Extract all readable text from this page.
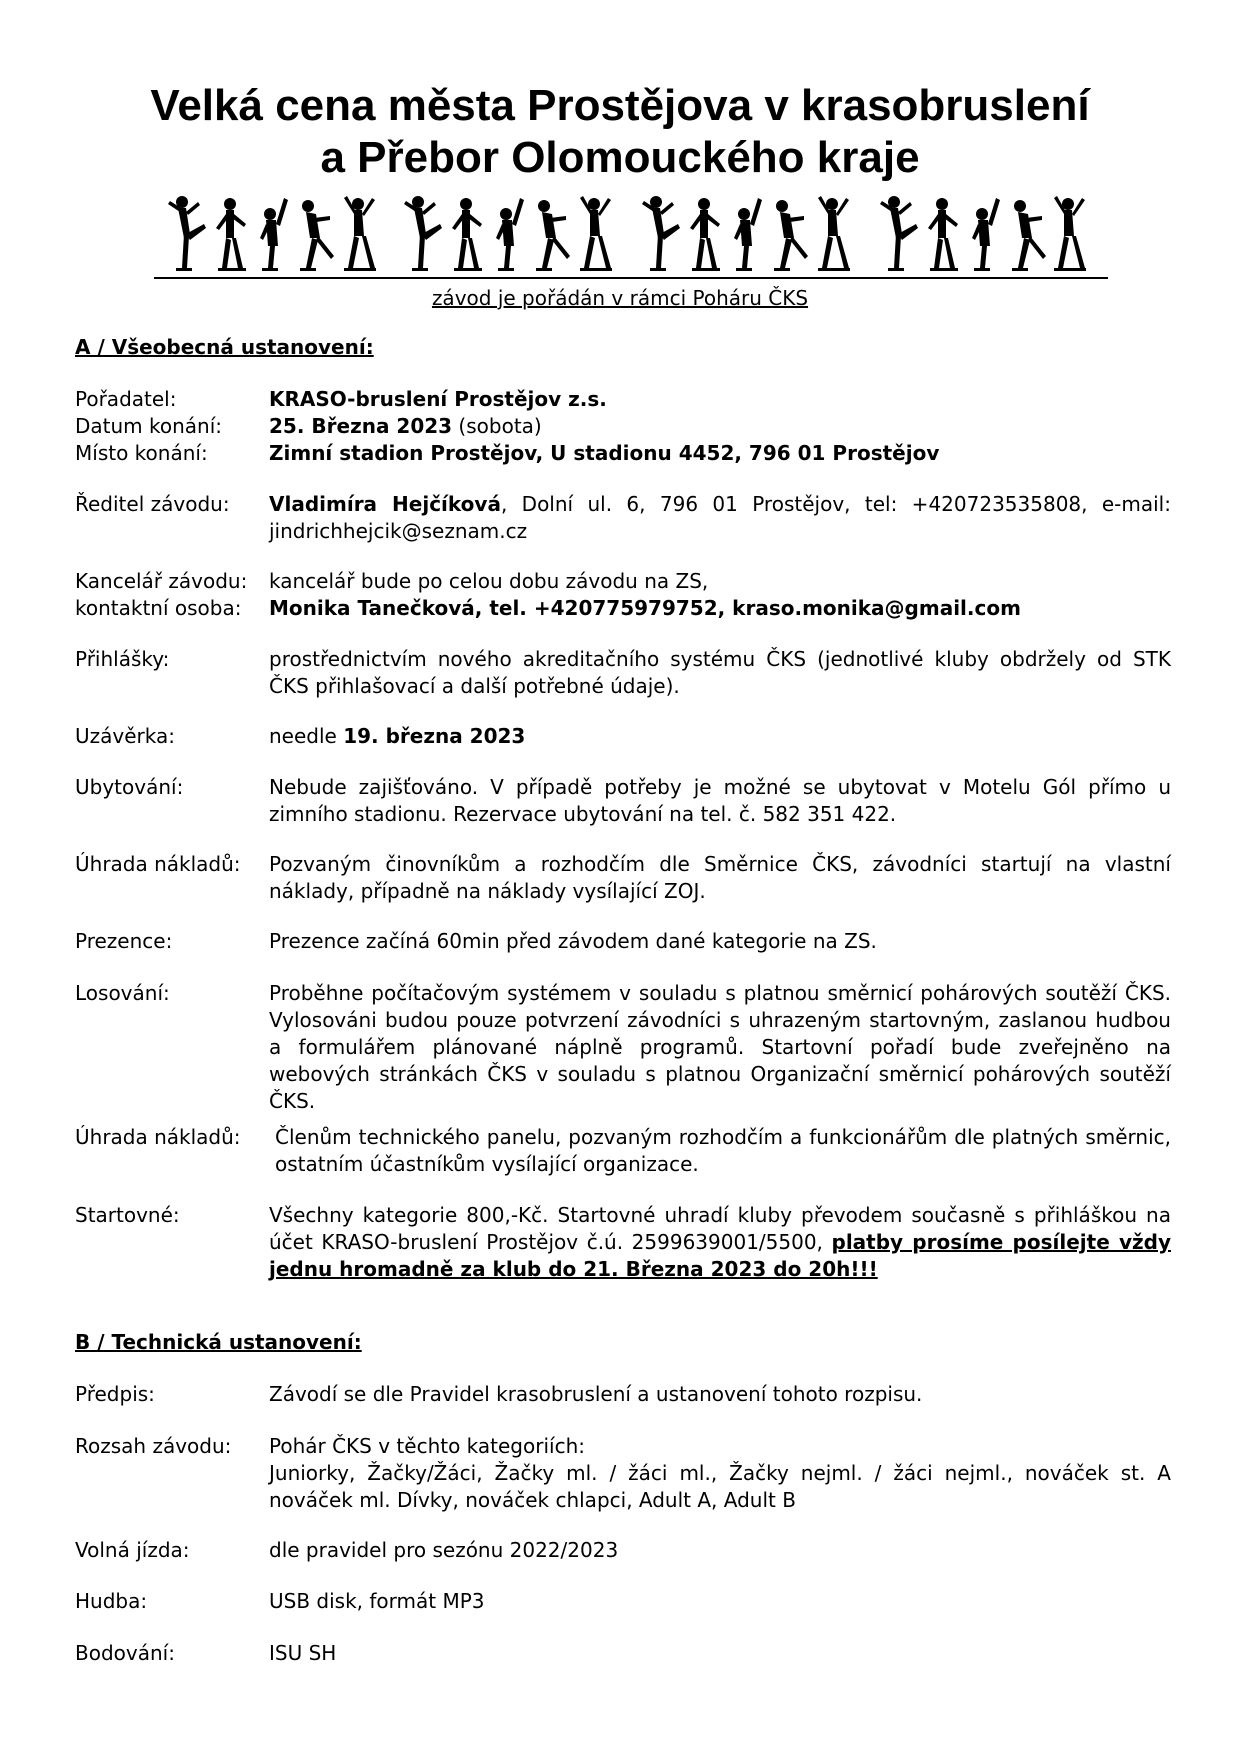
Velká cena města Prostějova v krasobruslení
a Přebor Olomouckého kraje
závod je pořádán v rámci Poháru ČKS
A / Všeobecná ustanovení:
Pořadatel:	KRASO-bruslení Prostějov z.s.
Datum konání: 25. Března 2023 (sobota)
Místo konání:	Zimní stadion Prostějov, U stadionu 4452, 796 01 Prostějov
Ředitel závodu: Vladimíra Hejčíková, Dolní ul. 6, 796 01 Prostějov, tel: +420723535808, e-mail: jindrichhejcik@seznam.cz
Kancelář závodu: kancelář bude po celou dobu závodu na ZS,
kontaktní osoba: Monika Tanečková, tel. +420775979752, kraso.monika@gmail.com
Přihlášky:	prostřednictvím nového akreditačního systému ČKS (jednotlivé kluby obdržely od STK ČKS přihlašovací a další potřebné údaje).
Uzávěrka:	needle 19. března 2023
Ubytování:	Nebude zajišťováno. V případě potřeby je možné se ubytovat v Motelu Gól přímo u zimního stadionu. Rezervace ubytování na tel. č. 582 351 422.
Úhrada nákladů: Pozvaným činovníkům a rozhodčím dle Směrnice ČKS, závodníci startují na vlastní náklady, případně na náklady vysílající ZOJ.
Prezence:	Prezence začíná 60min před závodem dané kategorie na ZS.
Losování:	Proběhne počítačovým systémem v souladu s platnou směrnicí pohárových soutěží ČKS. Vylosováni budou pouze potvrzení závodníci s uhrazeným startovným, zaslanou hudbou a formulářem plánované náplně programů. Startovní pořadí bude zveřejněno na webových stránkách ČKS v souladu s platnou Organizační směrnicí pohárových soutěží ČKS.
Úhrada nákladů: Členům technického panelu, pozvaným rozhodčím a funkcionářům dle platných směrnic, ostatním účastníkům vysílající organizace.
Startovné:	Všechny kategorie 800,-Kč. Startovné uhradí kluby převodem současně s přihláškou na účet KRASO-bruslení Prostějov č.ú. 2599639001/5500, platby prosíme posílejte vždy jednu hromadně za klub do 21. Března 2023 do 20h!!!
B / Technická ustanovení:
Předpis:	Závodí se dle Pravidel krasobruslení a ustanovení tohoto rozpisu.
Rozsah závodu: Pohár ČKS v těchto kategoriích:
Juniorky, Žačky/Žáci, Žačky ml. / žáci ml., Žačky nejml. / žáci nejml., nováček st. A nováček ml. Dívky, nováček chlapci, Adult A, Adult B
Volná jízda:	dle pravidel pro sezónu 2022/2023
Hudba:	USB disk, formát MP3
Bodování:	ISU SH
